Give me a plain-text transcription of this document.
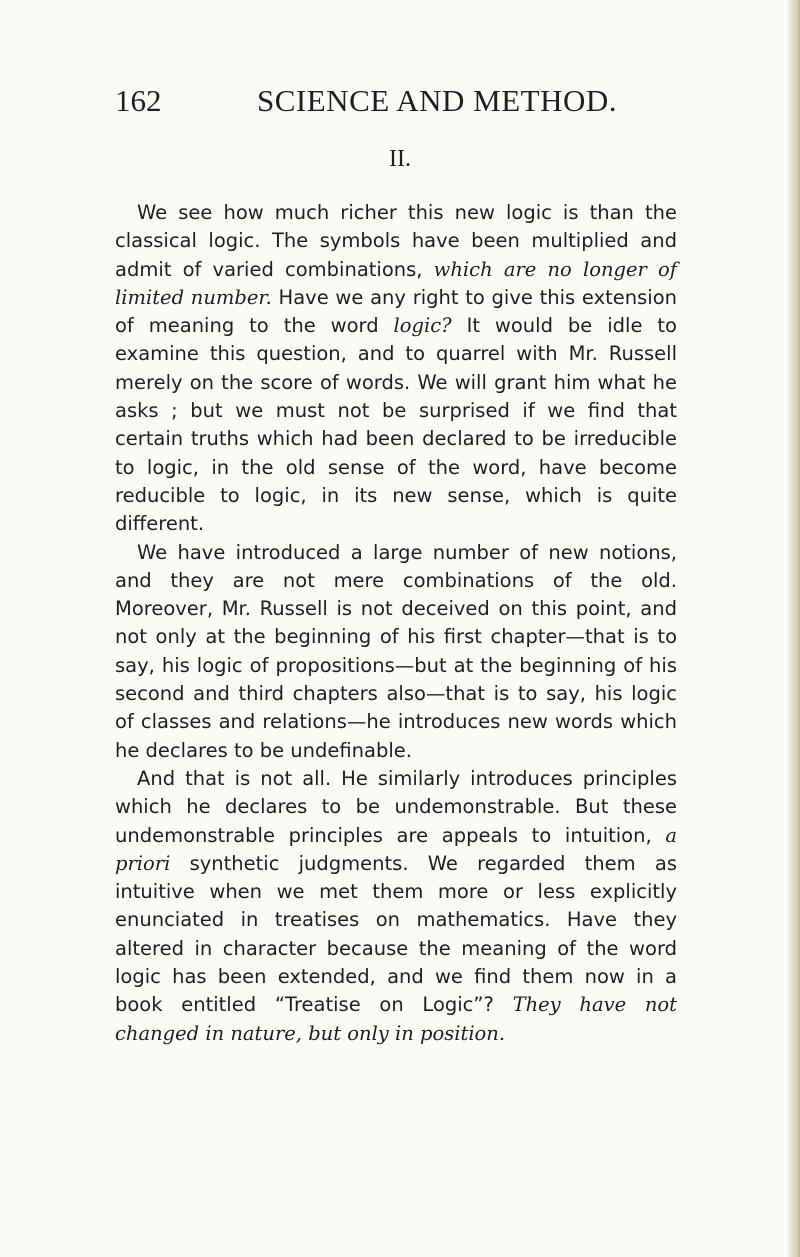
162	SCIENCE AND METHOD.
II.

We see how much richer this new logic is than the classical logic. The symbols have been multiplied and admit of varied combinations, which are no longer of limited number. Have we any right to give this extension of meaning to the word logic? It would be idle to examine this question, and to quarrel with Mr. Russell merely on the score of words. We will grant him what he asks ; but we must not be surprised if we find that certain truths which had been declared to be irreducible to logic, in the old sense of the word, have become reducible to logic, in its new sense, which is quite different.

We have introduced a large number of new notions, and they are not mere combinations of the old. Moreover, Mr. Russell is not deceived on this point, and not only at the beginning of his first chapter—that is to say, his logic of propositions—but at the beginning of his second and third chapters also—that is to say, his logic of classes and relations—he introduces new words which he declares to be undefinable.

And that is not all. He similarly introduces principles which he declares to be undemonstrable. But these undemonstrable principles are appeals to intuition, a priori synthetic judgments. We regarded them as intuitive when we met them more or less explicitly enunciated in treatises on mathematics. Have they altered in character because the meaning of the word logic has been extended, and we find them now in a book entitled “Treatise on Logic”? They have not changed in nature, but only in position.
